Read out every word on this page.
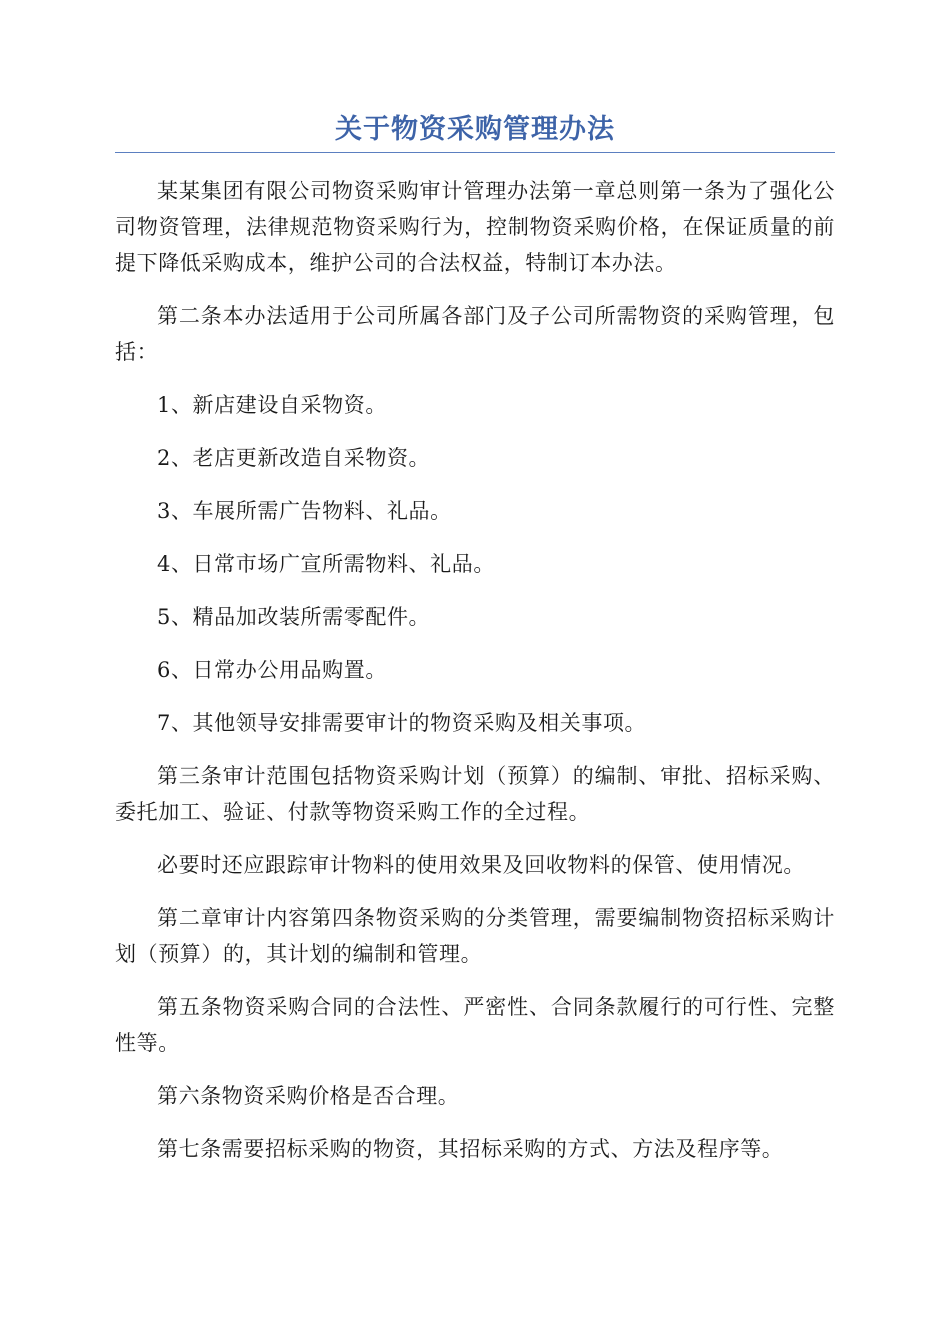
关于物资采购管理办法

某某集团有限公司物资采购审计管理办法第一章总则第一条为了强化公司物资管理，法律规范物资采购行为，控制物资采购价格，在保证质量的前提下降低采购成本，维护公司的合法权益，特制订本办法。

第二条本办法适用于公司所属各部门及子公司所需物资的采购管理，包括：

1、新店建设自采物资。

2、老店更新改造自采物资。

3、车展所需广告物料、礼品。

4、日常市场广宣所需物料、礼品。

5、精品加改装所需零配件。

6、日常办公用品购置。

7、其他领导安排需要审计的物资采购及相关事项。

第三条审计范围包括物资采购计划（预算）的编制、审批、招标采购、委托加工、验证、付款等物资采购工作的全过程。

必要时还应跟踪审计物料的使用效果及回收物料的保管、使用情况。

第二章审计内容第四条物资采购的分类管理，需要编制物资招标采购计划（预算）的，其计划的编制和管理。

第五条物资采购合同的合法性、严密性、合同条款履行的可行性、完整性等。

第六条物资采购价格是否合理。

第七条需要招标采购的物资，其招标采购的方式、方法及程序等。
